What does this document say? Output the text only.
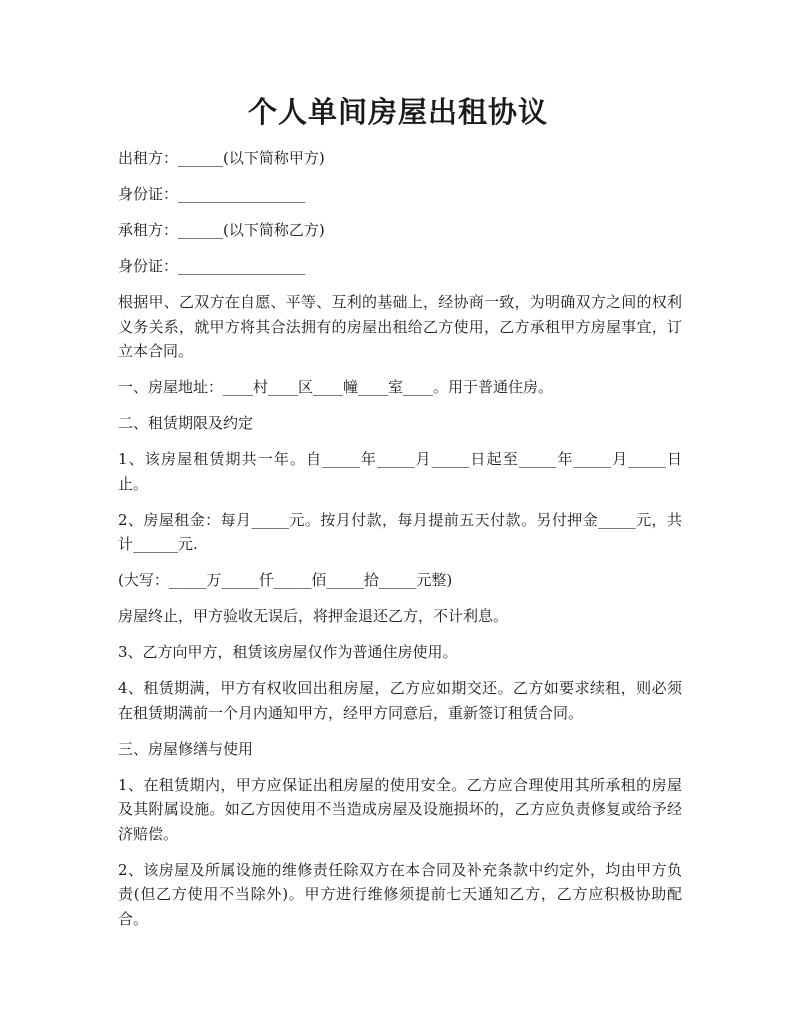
个人单间房屋出租协议

出租方：______(以下简称甲方)

身份证：_________________

承租方：______(以下简称乙方)

身份证：_________________

根据甲、乙双方在自愿、平等、互利的基础上，经协商一致，为明确双方之间的权利义务关系，就甲方将其合法拥有的房屋出租给乙方使用，乙方承租甲方房屋事宜，订立本合同。

一、房屋地址：____村____区____幢____室____。用于普通住房。

二、租赁期限及约定

1、该房屋租赁期共一年。自_____年_____月_____日起至_____年_____月_____日止。

2、房屋租金：每月_____元。按月付款，每月提前五天付款。另付押金_____元，共计______元.

(大写：_____万_____仟_____佰_____拾_____元整)

房屋终止，甲方验收无误后，将押金退还乙方，不计利息。

3、乙方向甲方，租赁该房屋仅作为普通住房使用。

4、租赁期满，甲方有权收回出租房屋，乙方应如期交还。乙方如要求续租，则必须在租赁期满前一个月内通知甲方，经甲方同意后，重新签订租赁合同。

三、房屋修缮与使用

1、在租赁期内，甲方应保证出租房屋的使用安全。乙方应合理使用其所承租的房屋及其附属设施。如乙方因使用不当造成房屋及设施损坏的，乙方应负责修复或给予经济赔偿。

2、该房屋及所属设施的维修责任除双方在本合同及补充条款中约定外，均由甲方负责(但乙方使用不当除外)。甲方进行维修须提前七天通知乙方，乙方应积极协助配合。
